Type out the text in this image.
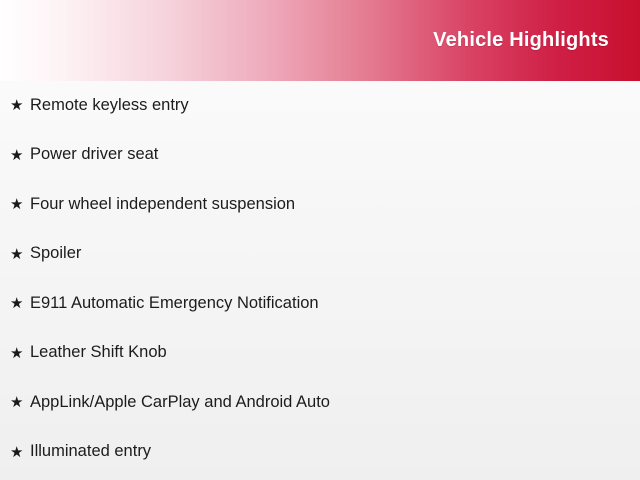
Vehicle Highlights
★ Remote keyless entry
★ Power driver seat
★ Four wheel independent suspension
★ Spoiler
★ E911 Automatic Emergency Notification
★ Leather Shift Knob
★ AppLink/Apple CarPlay and Android Auto
★ Illuminated entry
